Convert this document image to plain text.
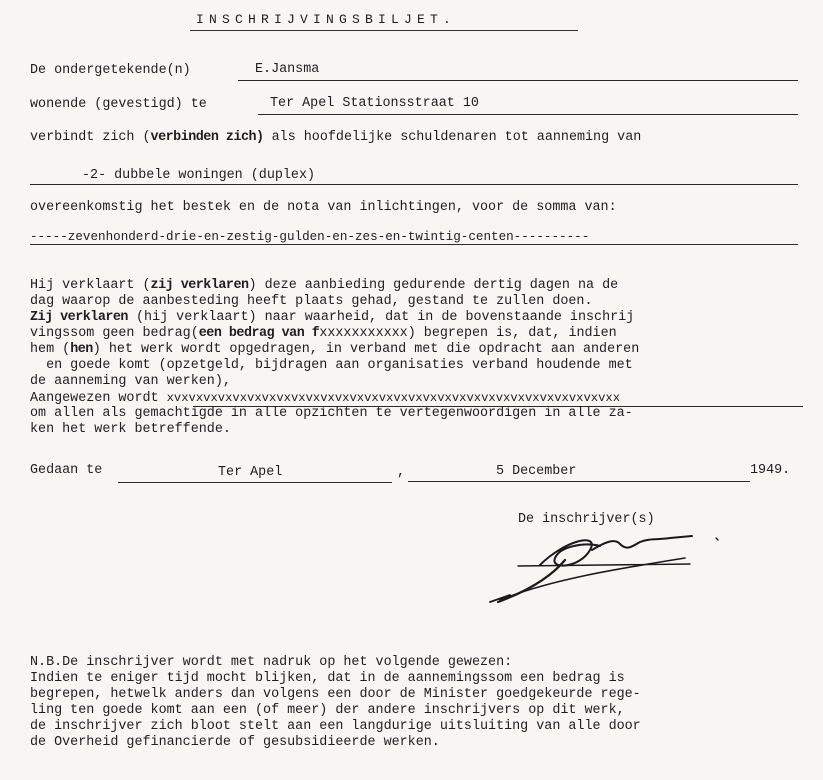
INSCHRIJVINGSBILJET.
De ondergetekende(n)	E.Jansma
wonende (gevestigd) te	Ter Apel Stationsstraat 10
verbindt zich (verbinden zich) als hoofdelijke schuldenaren tot aanneming van
-2- dubbele woningen (duplex)
overeenkomstig het bestek en de nota van inlichtingen, voor de somma van:
-----zevenhonderd-drie-en-zestig-gulden-en-zes-en-twintig-centen----------
Hij verklaart (zij verklaren) deze aanbieding gedurende dertig dagen na de
dag waarop de aanbesteding heeft plaats gehad, gestand te zullen doen.
Zij verklaren (hij verklaart) naar waarheid, dat in de bovenstaande inschrij
vingssom geen bedrag(een bedrag van fxxxxxxxxxxx) begrepen is, dat, indien
hem (hen) het werk wordt opgedragen, in verband met die opdracht aan anderen
en goede komt (opzetgeld, bijdragen aan organisaties verband houdende met
de aanneming van werken),
Aangewezen wordt xvxvxvxvxvxvxvxvxvxvxvxvxvxvxvxvxvxvxvxvxvxvxvxvxvxvxvxvxvxvxx
om allen als gemachtigde in alle opzichten te vertegenwoordigen in alle za-
ken het werk betreffende.
Gedaan te	Ter Apel	,	5 December	1949.
De inschrijver(s)
N.B.De inschrijver wordt met nadruk op het volgende gewezen:
Indien te eniger tijd mocht blijken, dat in de aannemingssom een bedrag is
begrepen, hetwelk anders dan volgens een door de Minister goedgekeurde rege-
ling ten goede komt aan een (of meer) der andere inschrijvers op dit werk,
de inschrijver zich bloot stelt aan een langdurige uitsluiting van alle door
de Overheid gefinancierde of gesubsidieerde werken.
